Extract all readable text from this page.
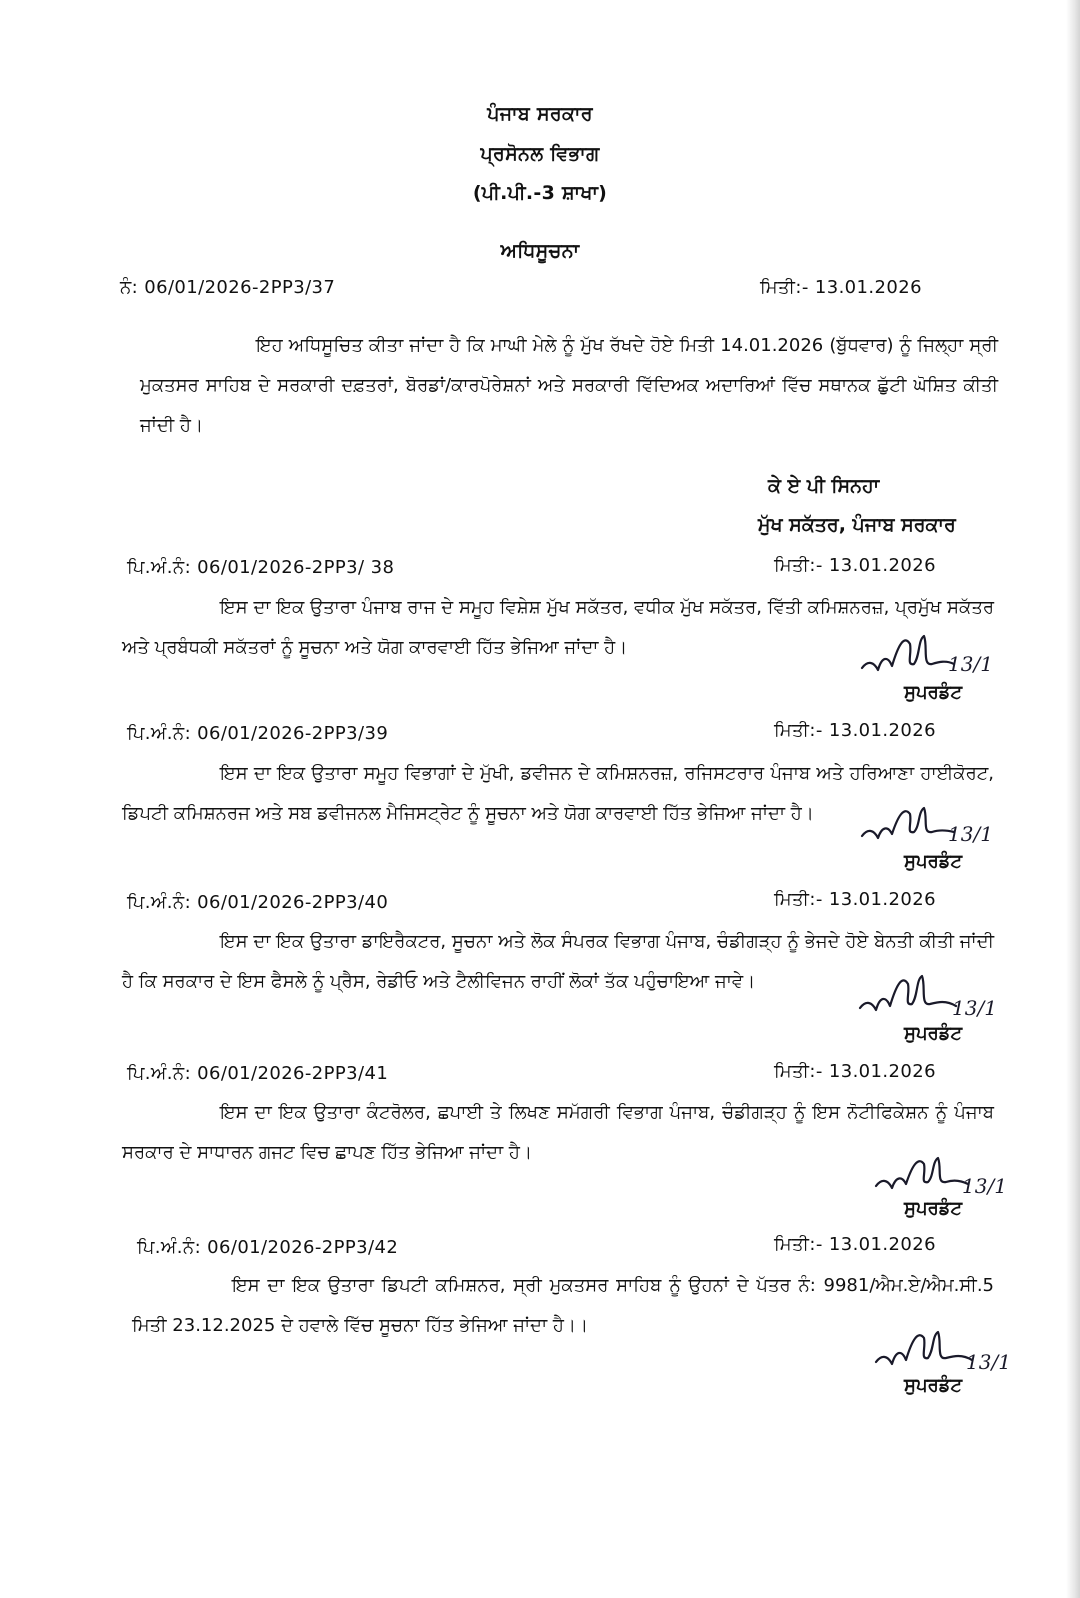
ਪੰਜਾਬ ਸਰਕਾਰ
ਪ੍ਰਸੋਨਲ ਵਿਭਾਗ
(ਪੀ.ਪੀ.-3 ਸ਼ਾਖਾ)
ਅਧਿਸੂਚਨਾ
ਨੰ: 06/01/2026-2PP3/37	ਮਿਤੀ:- 13.01.2026
ਇਹ ਅਧਿਸੂਚਿਤ ਕੀਤਾ ਜਾਂਦਾ ਹੈ ਕਿ ਮਾਘੀ ਮੇਲੇ ਨੂੰ ਮੁੱਖ ਰੱਖਦੇ ਹੋਏ ਮਿਤੀ 14.01.2026 (ਬੁੱਧਵਾਰ) ਨੂੰ ਜਿਲ੍ਹਾ ਸ੍ਰੀ ਮੁਕਤਸਰ ਸਾਹਿਬ ਦੇ ਸਰਕਾਰੀ ਦਫ਼ਤਰਾਂ, ਬੋਰਡਾਂ/ਕਾਰਪੋਰੇਸ਼ਨਾਂ ਅਤੇ ਸਰਕਾਰੀ ਵਿੱਦਿਅਕ ਅਦਾਰਿਆਂ ਵਿੱਚ ਸਥਾਨਕ ਛੁੱਟੀ ਘੋਸ਼ਿਤ ਕੀਤੀ ਜਾਂਦੀ ਹੈ।
ਕੇ ਏ ਪੀ ਸਿਨਹਾ
ਮੁੱਖ ਸਕੱਤਰ, ਪੰਜਾਬ ਸਰਕਾਰ
ਪਿ.ਅੰ.ਨੰ: 06/01/2026-2PP3/ 38	ਮਿਤੀ:- 13.01.2026
ਇਸ ਦਾ ਇਕ ਉਤਾਰਾ ਪੰਜਾਬ ਰਾਜ ਦੇ ਸਮੂਹ ਵਿਸ਼ੇਸ਼ ਮੁੱਖ ਸਕੱਤਰ, ਵਧੀਕ ਮੁੱਖ ਸਕੱਤਰ, ਵਿੱਤੀ ਕਮਿਸ਼ਨਰਜ਼, ਪ੍ਰਮੁੱਖ ਸਕੱਤਰ ਅਤੇ ਪ੍ਰਬੰਧਕੀ ਸਕੱਤਰਾਂ ਨੂੰ ਸੂਚਨਾ ਅਤੇ ਯੋਗ ਕਾਰਵਾਈ ਹਿੱਤ ਭੇਜਿਆ ਜਾਂਦਾ ਹੈ।
13/1
ਸੁਪਰਡੰਟ
ਪਿ.ਅੰ.ਨੰ: 06/01/2026-2PP3/39	ਮਿਤੀ:- 13.01.2026
ਇਸ ਦਾ ਇਕ ਉਤਾਰਾ ਸਮੂਹ ਵਿਭਾਗਾਂ ਦੇ ਮੁੱਖੀ, ਡਵੀਜਨ ਦੇ ਕਮਿਸ਼ਨਰਜ਼, ਰਜਿਸਟਰਾਰ ਪੰਜਾਬ ਅਤੇ ਹਰਿਆਣਾ ਹਾਈਕੋਰਟ, ਡਿਪਟੀ ਕਮਿਸ਼ਨਰਜ ਅਤੇ ਸਬ ਡਵੀਜਨਲ ਮੈਜਿਸਟ੍ਰੇਟ ਨੂੰ ਸੂਚਨਾ ਅਤੇ ਯੋਗ ਕਾਰਵਾਈ ਹਿੱਤ ਭੇਜਿਆ ਜਾਂਦਾ ਹੈ।
13/1
ਸੁਪਰਡੰਟ
ਪਿ.ਅੰ.ਨੰ: 06/01/2026-2PP3/40	ਮਿਤੀ:- 13.01.2026
ਇਸ ਦਾ ਇਕ ਉਤਾਰਾ ਡਾਇਰੈਕਟਰ, ਸੂਚਨਾ ਅਤੇ ਲੋਕ ਸੰਪਰਕ ਵਿਭਾਗ ਪੰਜਾਬ, ਚੰਡੀਗੜ੍ਹ ਨੂੰ ਭੇਜਦੇ ਹੋਏ ਬੇਨਤੀ ਕੀਤੀ ਜਾਂਦੀ ਹੈ ਕਿ ਸਰਕਾਰ ਦੇ ਇਸ ਫੈਸਲੇ ਨੂੰ ਪ੍ਰੈਸ, ਰੇਡੀਓ ਅਤੇ ਟੈਲੀਵਿਜਨ ਰਾਹੀਂ ਲੋਕਾਂ ਤੱਕ ਪਹੁੰਚਾਇਆ ਜਾਵੇ।
13/1
ਸੁਪਰਡੰਟ
ਪਿ.ਅੰ.ਨੰ: 06/01/2026-2PP3/41	ਮਿਤੀ:- 13.01.2026
ਇਸ ਦਾ ਇਕ ਉਤਾਰਾ ਕੰਟਰੋਲਰ, ਛਪਾਈ ਤੇ ਲਿਖਣ ਸਮੱਗਰੀ ਵਿਭਾਗ ਪੰਜਾਬ, ਚੰਡੀਗੜ੍ਹ ਨੂੰ ਇਸ ਨੋਟੀਫਿਕੇਸ਼ਨ ਨੂੰ ਪੰਜਾਬ ਸਰਕਾਰ ਦੇ ਸਾਧਾਰਨ ਗਜਟ ਵਿਚ ਛਾਪਣ ਹਿੱਤ ਭੇਜਿਆ ਜਾਂਦਾ ਹੈ।
13/1
ਸੁਪਰਡੰਟ
ਪਿ.ਅੰ.ਨੰ: 06/01/2026-2PP3/42	ਮਿਤੀ:- 13.01.2026
ਇਸ ਦਾ ਇਕ ਉਤਾਰਾ ਡਿਪਟੀ ਕਮਿਸ਼ਨਰ, ਸ੍ਰੀ ਮੁਕਤਸਰ ਸਾਹਿਬ ਨੂੰ ਉਹਨਾਂ ਦੇ ਪੱਤਰ ਨੰ: 9981/ਐਮ.ਏ/ਐਮ.ਸੀ.5 ਮਿਤੀ 23.12.2025 ਦੇ ਹਵਾਲੇ ਵਿੱਚ ਸੂਚਨਾ ਹਿੱਤ ਭੇਜਿਆ ਜਾਂਦਾ ਹੈ।।
13/1
ਸੁਪਰਡੰਟ
